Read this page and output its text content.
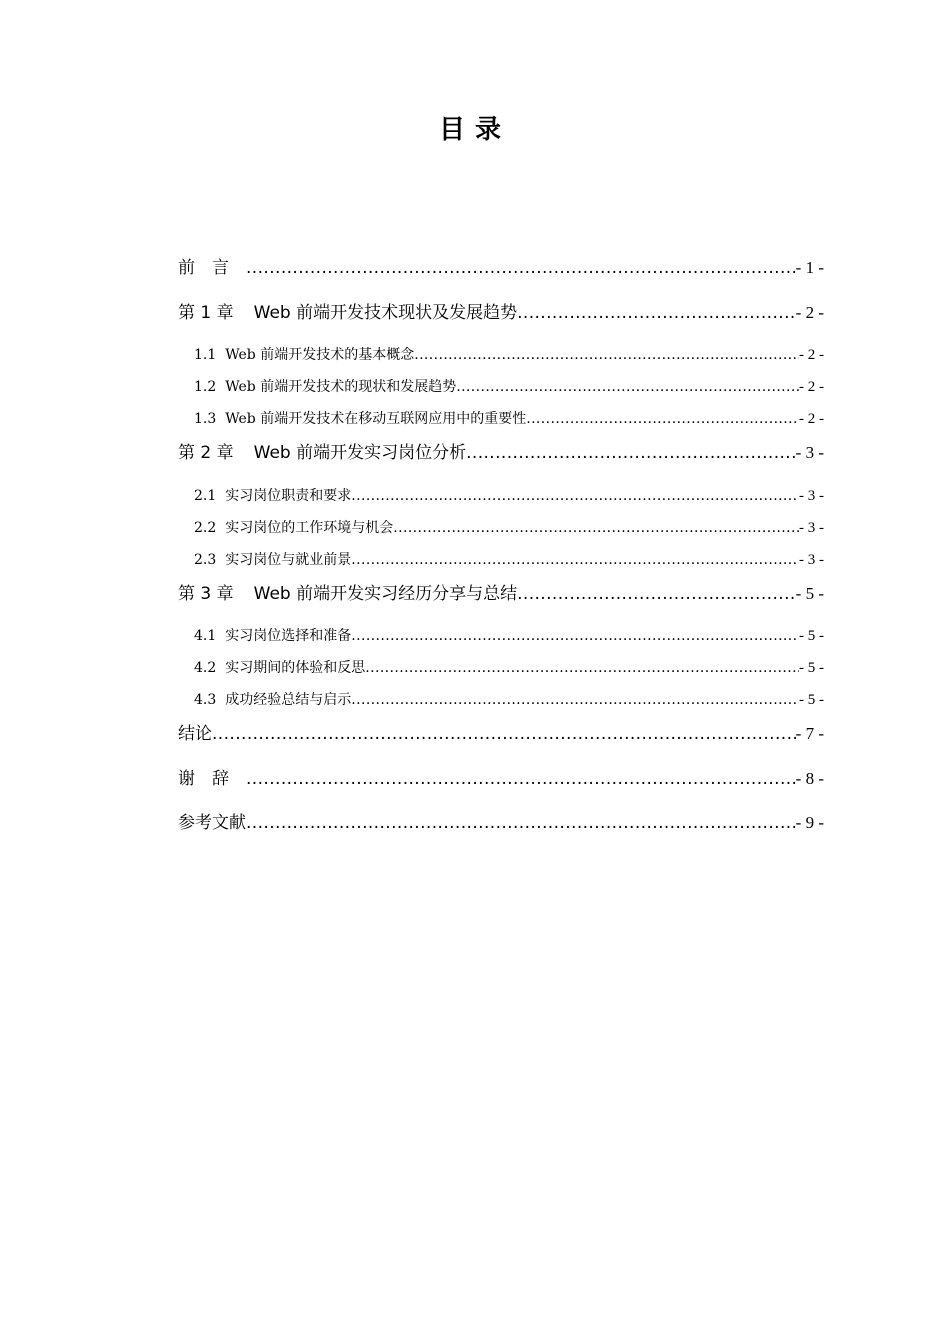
目录
前言 .....	- 1 -
第 1 章 Web 前端开发技术现状及发展趋势 .....	- 2 -
1.1 Web 前端开发技术的基本概念 .....	- 2 -
1.2 Web 前端开发技术的现状和发展趋势 .....	- 2 -
1.3 Web 前端开发技术在移动互联网应用中的重要性 .....	- 2 -
第 2 章 Web 前端开发实习岗位分析 .....	- 3 -
2.1 实习岗位职责和要求 .....	- 3 -
2.2 实习岗位的工作环境与机会 .....	- 3 -
2.3 实习岗位与就业前景 .....	- 3 -
第 3 章 Web 前端开发实习经历分享与总结 .....	- 5 -
4.1 实习岗位选择和准备 .....	- 5 -
4.2 实习期间的体验和反思 .....	- 5 -
4.3 成功经验总结与启示 .....	- 5 -
结论 .....	- 7 -
谢辞 .....	- 8 -
参考文献 .....	- 9 -
